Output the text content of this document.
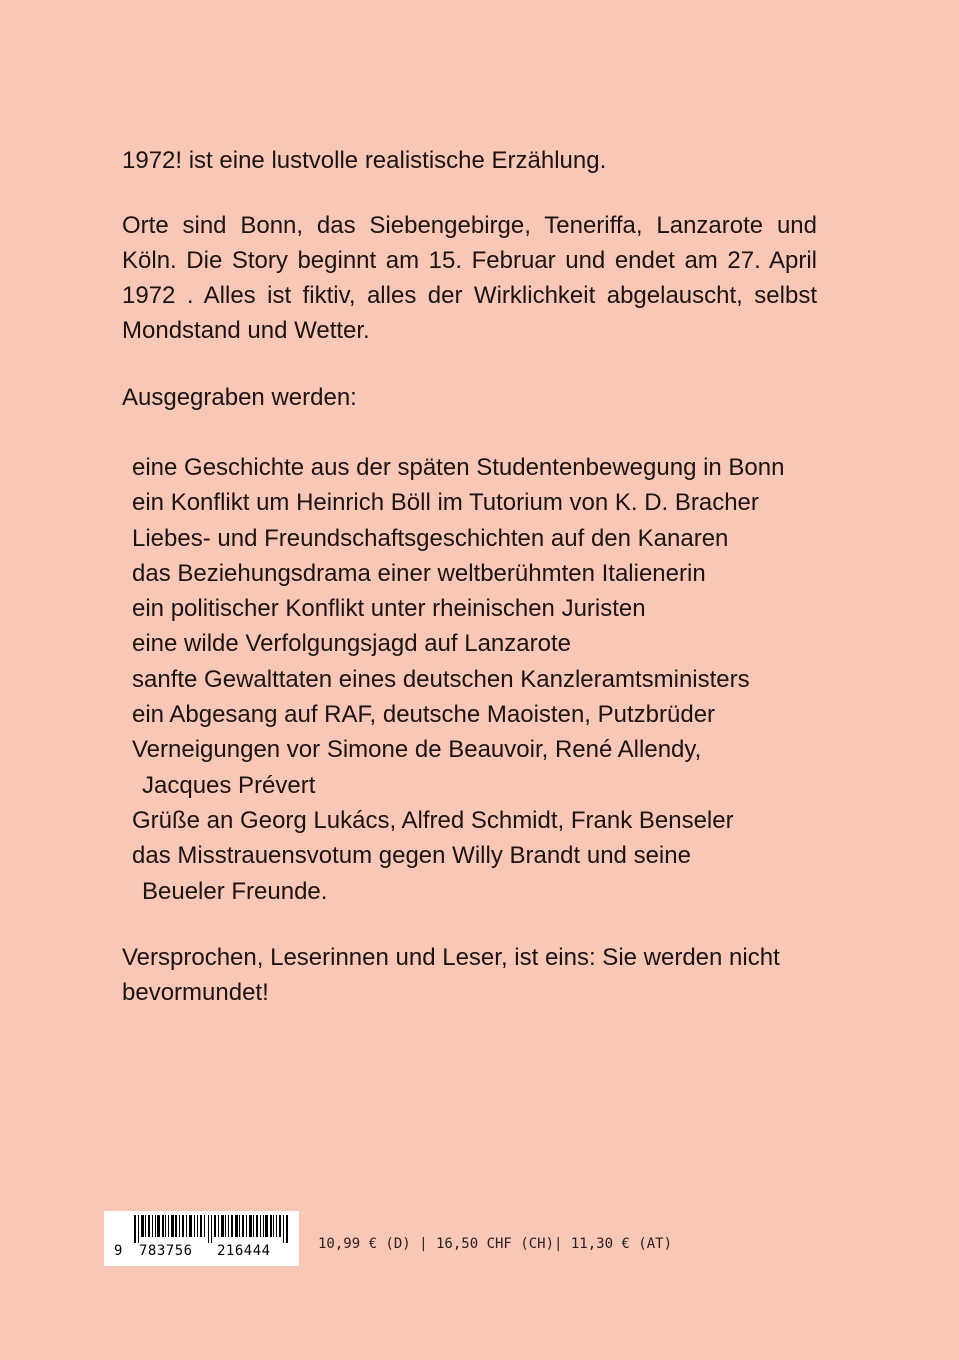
1972! ist eine lustvolle realistische Erzählung.

Orte sind Bonn, das Siebengebirge, Teneriffa, Lanzarote und Köln. Die Story beginnt am 15. Februar und endet am 27. April 1972 . Alles ist fiktiv, alles der Wirklichkeit abgelauscht, selbst Mondstand und Wetter.

Ausgegraben werden:

eine Geschichte aus der späten Studentenbewegung in Bonn
ein Konflikt um Heinrich Böll im Tutorium von K. D. Bracher
Liebes- und Freundschaftsgeschichten auf den Kanaren
das Beziehungsdrama einer weltberühmten Italienerin
ein politischer Konflikt unter rheinischen Juristen
eine wilde Verfolgungsjagd auf Lanzarote
sanfte Gewalttaten eines deutschen Kanzleramtsministers
ein Abgesang auf RAF, deutsche Maoisten, Putzbrüder
Verneigungen vor Simone de Beauvoir, René Allendy,
Jacques Prévert
Grüße an Georg Lukács, Alfred Schmidt, Frank Benseler
das Misstrauensvotum gegen Willy Brandt und seine
Beueler Freunde.

Versprochen, Leserinnen und Leser, ist eins: Sie werden nicht bevormundet!

9 783756 216444	10,99 € (D) | 16,50 CHF (CH)| 11,30 € (AT)
